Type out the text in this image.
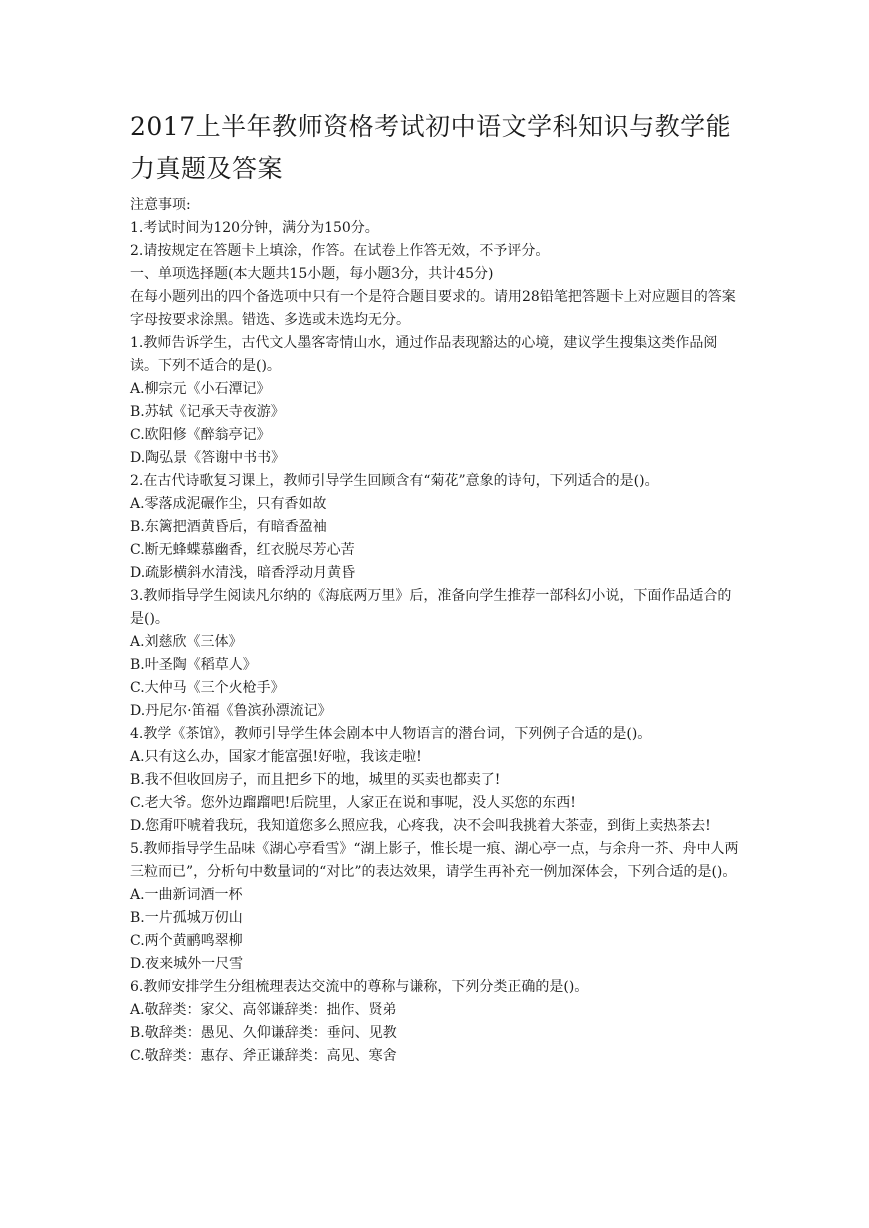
2017上半年教师资格考试初中语文学科知识与教学能力真题及答案

注意事项:

1.考试时间为120分钟，满分为150分。

2.请按规定在答题卡上填涂，作答。在试卷上作答无效，不予评分。

一、单项选择题(本大题共15小题，每小题3分，共计45分)

在每小题列出的四个备选项中只有一个是符合题目要求的。请用28铅笔把答题卡上对应题目的答案字母按要求涂黑。错选、多选或未选均无分。

1.教师告诉学生，古代文人墨客寄情山水，通过作品表现豁达的心境，建议学生搜集这类作品阅读。下列不适合的是()。

A.柳宗元《小石潭记》

B.苏轼《记承天寺夜游》

C.欧阳修《醉翁亭记》

D.陶弘景《答谢中书书》

2.在古代诗歌复习课上，教师引导学生回顾含有“菊花”意象的诗句，下列适合的是()。

A.零落成泥碾作尘，只有香如故

B.东篱把酒黄昏后，有暗香盈袖

C.断无蜂蝶慕幽香，红衣脱尽芳心苦

D.疏影横斜水清浅，暗香浮动月黄昏

3.教师指导学生阅读凡尔纳的《海底两万里》后，准备向学生推荐一部科幻小说，下面作品适合的是()。

A.刘慈欣《三体》

B.叶圣陶《稻草人》

C.大仲马《三个火枪手》

D.丹尼尔·笛福《鲁滨孙漂流记》

4.教学《茶馆》，教师引导学生体会剧本中人物语言的潜台词，下列例子合适的是()。

A.只有这么办，国家才能富强!好啦，我该走啦!

B.我不但收回房子，而且把乡下的地，城里的买卖也都卖了!

C.老大爷。您外边蹓蹓吧!后院里，人家正在说和事呢，没人买您的东西!

D.您甭吓唬着我玩，我知道您多么照应我，心疼我，决不会叫我挑着大茶壶，到街上卖热茶去!

5.教师指导学生品味《湖心亭看雪》“湖上影子，惟长堤一痕、湖心亭一点，与余舟一芥、舟中人两三粒而已”，分析句中数量词的“对比”的表达效果，请学生再补充一例加深体会，下列合适的是()。

A.一曲新词酒一杯

B.一片孤城万仞山

C.两个黄鹂鸣翠柳

D.夜来城外一尺雪

6.教师安排学生分组梳理表达交流中的尊称与谦称，下列分类正确的是()。

A.敬辞类：家父、高邻谦辞类：拙作、贤弟

B.敬辞类：愚见、久仰谦辞类：垂问、见教

C.敬辞类：惠存、斧正谦辞类：高见、寒舍
